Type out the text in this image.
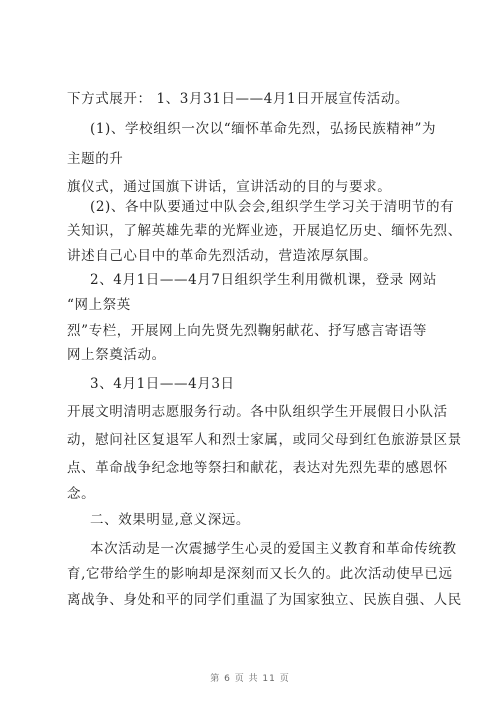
下方式展开： 1、3月31日——4月1日开展宣传活动。
(1)、学校组织一次以“缅怀革命先烈，弘扬民族精神”为
主题的升
旗仪式，通过国旗下讲话，宣讲活动的目的与要求。
(2)、各中队要通过中队会会,组织学生学习关于清明节的有
关知识，了解英雄先辈的光辉业迹，开展追忆历史、缅怀先烈、
讲述自己心目中的革命先烈活动，营造浓厚氛围。
2、4月1日——4月7日组织学生利用微机课，登录 网站
“网上祭英
烈”专栏，开展网上向先贤先烈鞠躬献花、抒写感言寄语等
网上祭奠活动。
3、4月1日——4月3日
开展文明清明志愿服务行动。各中队组织学生开展假日小队活
动，慰问社区复退军人和烈士家属，或同父母到红色旅游景区景
点、革命战争纪念地等祭扫和献花，表达对先烈先辈的感恩怀
念。
二、效果明显,意义深远。
本次活动是一次震撼学生心灵的爱国主义教育和革命传统教
育,它带给学生的影响却是深刻而又长久的。此次活动使早已远
离战争、身处和平的同学们重温了为国家独立、民族自强、人民
第 6 页 共 11 页
